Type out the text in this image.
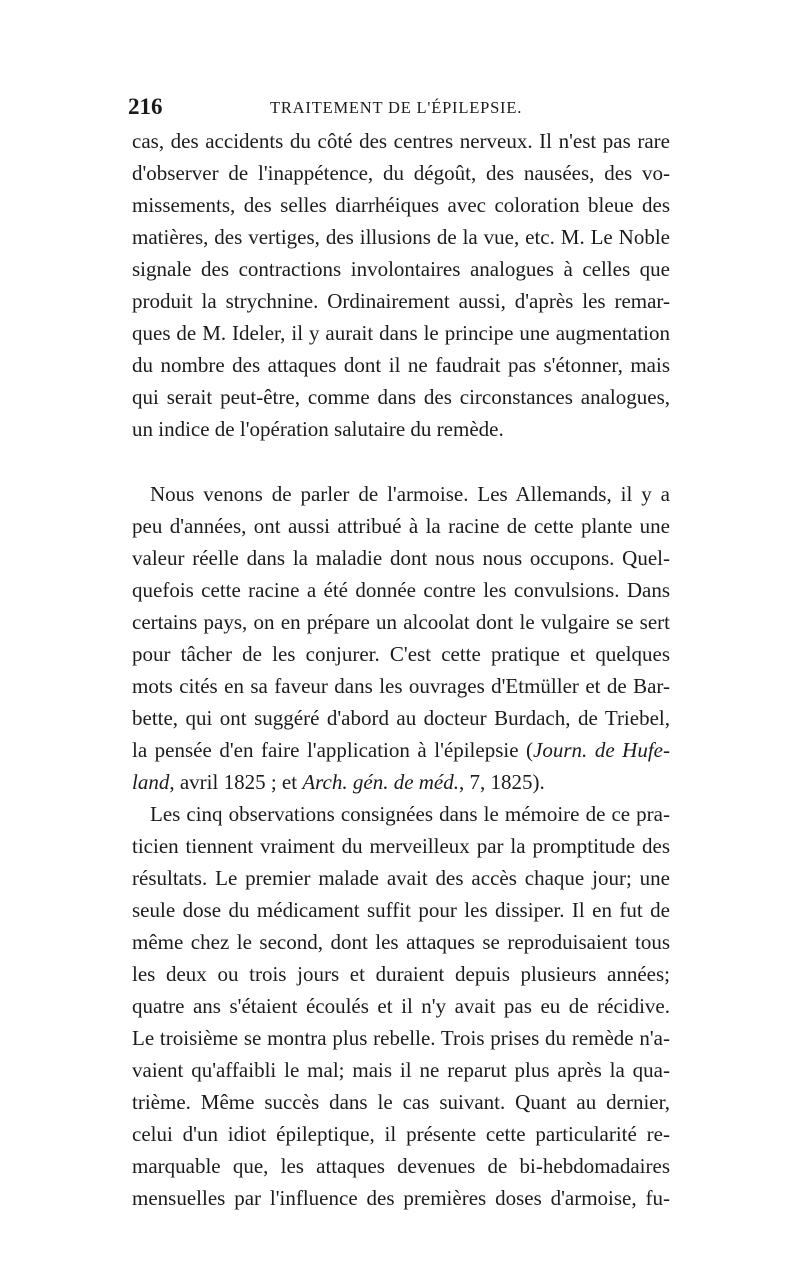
216	TRAITEMENT DE L'ÉPILEPSIE.
cas, des accidents du côté des centres nerveux. Il n'est pas rare
d'observer de l'inappétence, du dégoût, des nausées, des vo-
missements, des selles diarrhéiques avec coloration bleue des
matières, des vertiges, des illusions de la vue, etc. M. Le Noble
signale des contractions involontaires analogues à celles que
produit la strychnine. Ordinairement aussi, d'après les remar-
ques de M. Ideler, il y aurait dans le principe une augmentation
du nombre des attaques dont il ne faudrait pas s'étonner, mais
qui serait peut-être, comme dans des circonstances analogues,
un indice de l'opération salutaire du remède.
Nous venons de parler de l'armoise. Les Allemands, il y a
peu d'années, ont aussi attribué à la racine de cette plante une
valeur réelle dans la maladie dont nous nous occupons. Quel-
quefois cette racine a été donnée contre les convulsions. Dans
certains pays, on en prépare un alcoolat dont le vulgaire se sert
pour tâcher de les conjurer. C'est cette pratique et quelques
mots cités en sa faveur dans les ouvrages d'Etmüller et de Bar-
bette, qui ont suggéré d'abord au docteur Burdach, de Triebel,
la pensée d'en faire l'application à l'épilepsie (Journ. de Hufe-
land, avril 1825 ; et Arch. gén. de méd., 7, 1825).
Les cinq observations consignées dans le mémoire de ce pra-
ticien tiennent vraiment du merveilleux par la promptitude des
résultats. Le premier malade avait des accès chaque jour; une
seule dose du médicament suffit pour les dissiper. Il en fut de
même chez le second, dont les attaques se reproduisaient tous
les deux ou trois jours et duraient depuis plusieurs années;
quatre ans s'étaient écoulés et il n'y avait pas eu de récidive.
Le troisième se montra plus rebelle. Trois prises du remède n'a-
vaient qu'affaibli le mal; mais il ne reparut plus après la qua-
trième. Même succès dans le cas suivant. Quant au dernier,
celui d'un idiot épileptique, il présente cette particularité re-
marquable que, les attaques devenues de bi-hebdomadaires
mensuelles par l'influence des premières doses d'armoise, fu-
